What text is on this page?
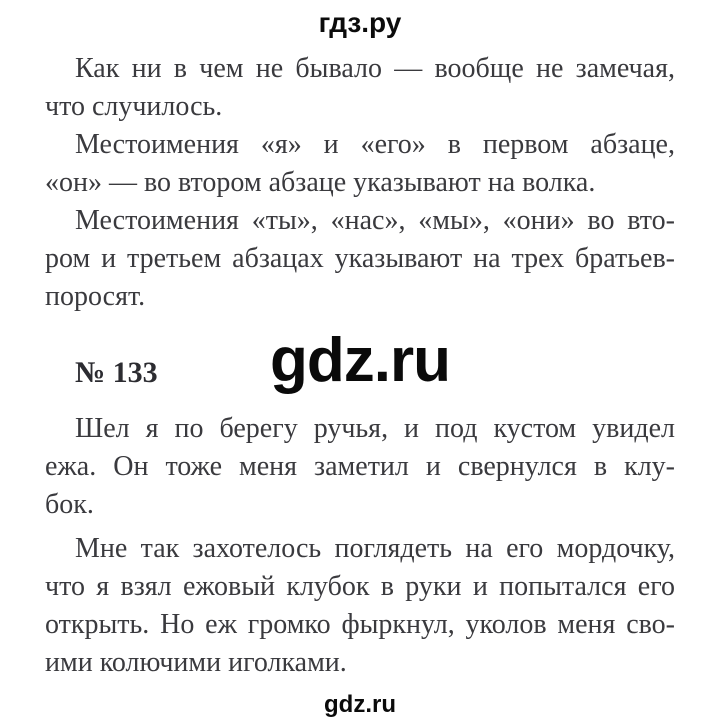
гдз.ру
Как ни в чем не бывало — вообще не замечая,
что случилось.
Местоимения «я» и «его» в первом абзаце,
«он» — во втором абзаце указывают на волка.
Местоимения «ты», «нас», «мы», «они» во вто-
ром и третьем абзацах указывают на трех братьев-
поросят.
№ 133 gdz.ru
Шел я по берегу ручья, и под кустом увидел
ежа. Он тоже меня заметил и свернулся в клу-
бок.
Мне так захотелось поглядеть на его мордочку,
что я взял ежовый клубок в руки и попытался его
открыть. Но еж громко фыркнул, уколов меня сво-
ими колючими иголками.
gdz.ru
